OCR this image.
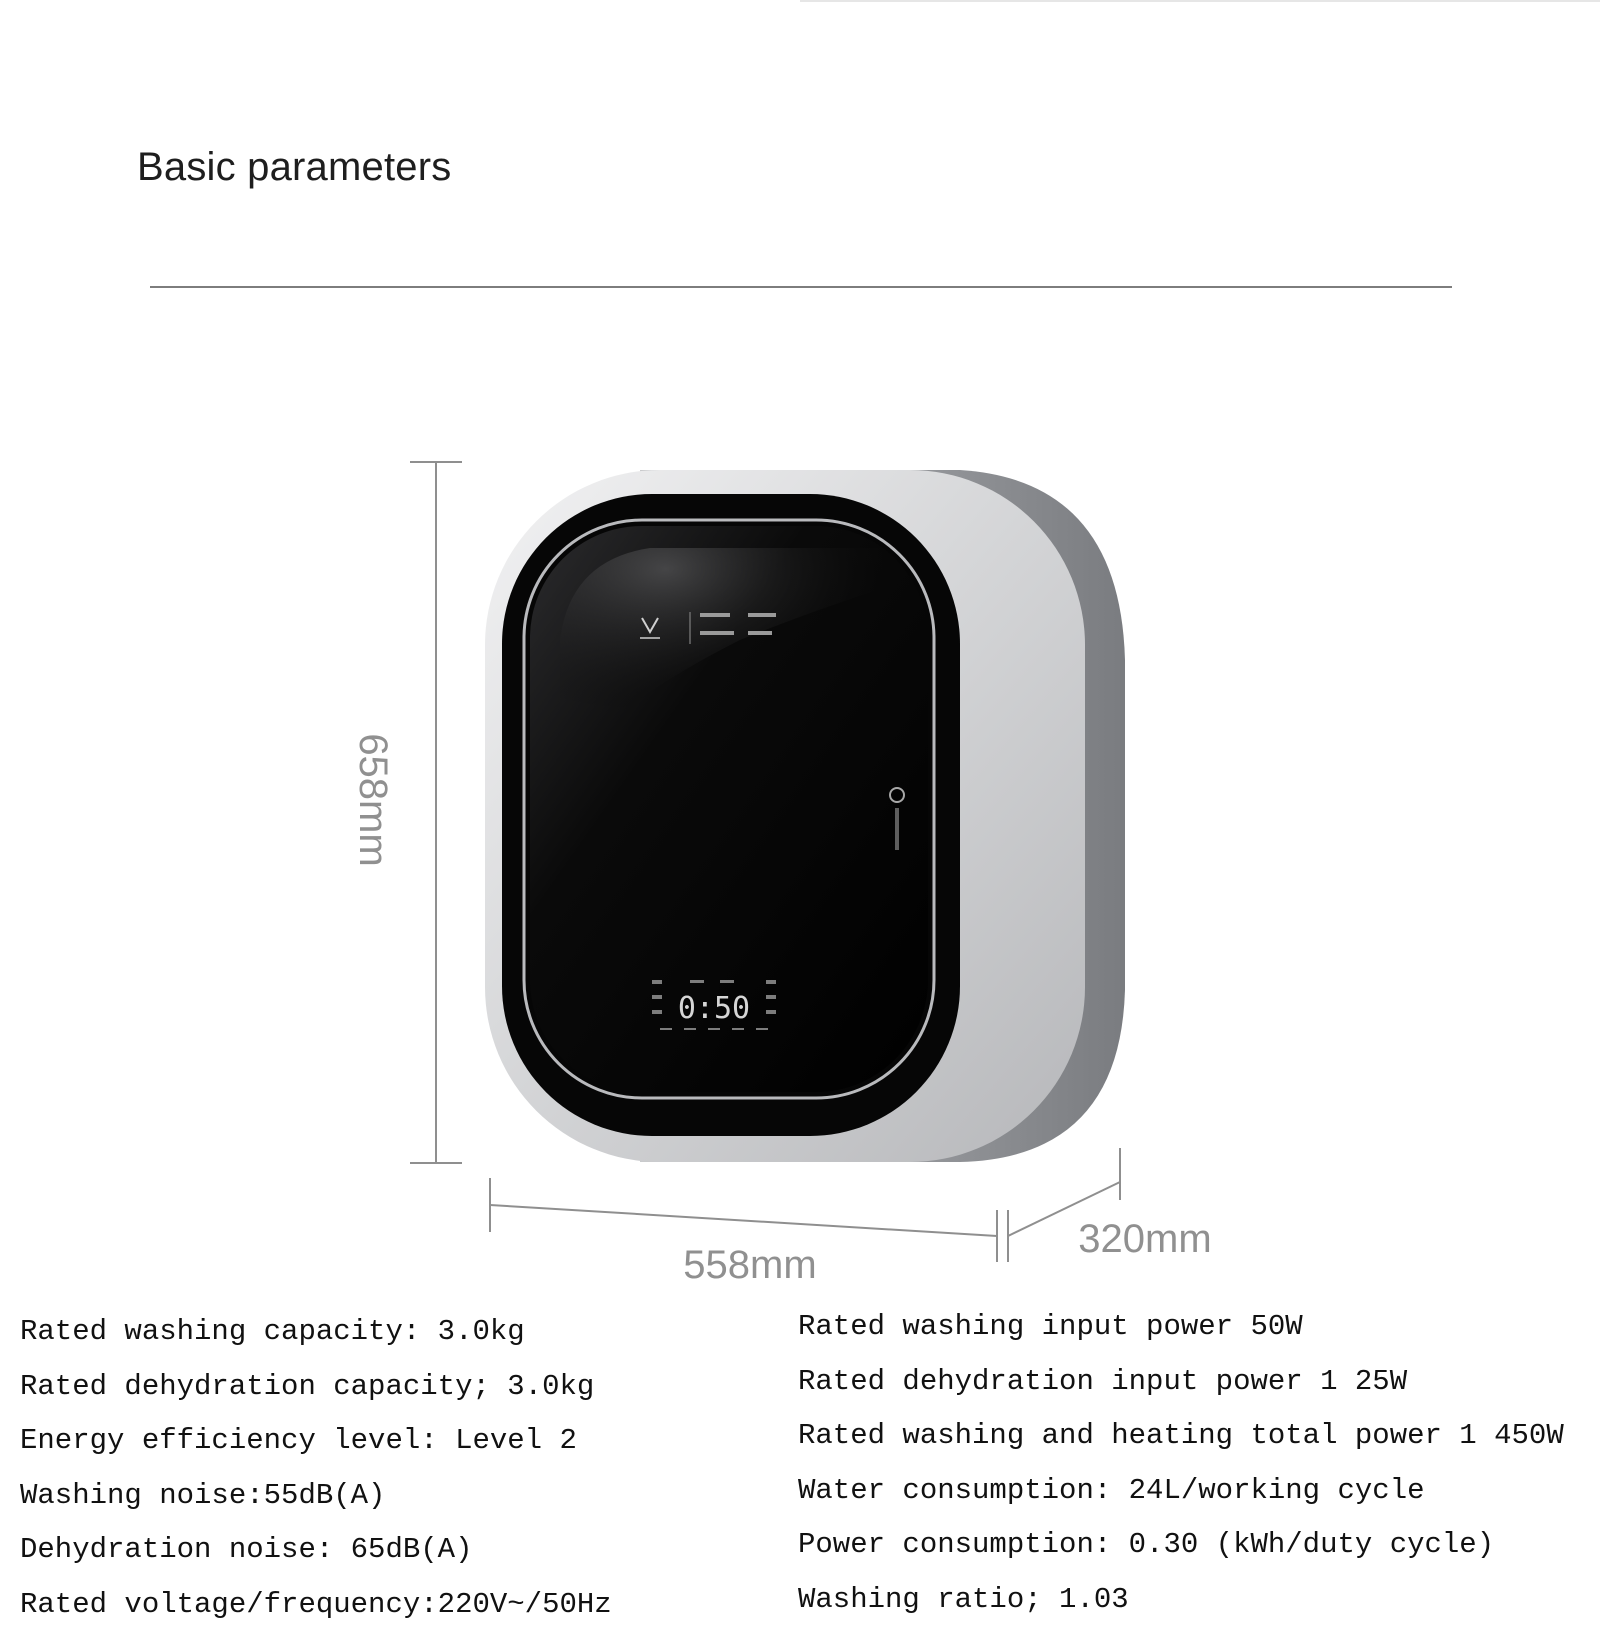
Basic parameters
658mm
558mm
320mm
0:50
Rated washing capacity: 3.0kg
Rated dehydration capacity; 3.0kg
Energy efficiency level: Level 2
Washing noise:55dB(A)
Dehydration noise: 65dB(A)
Rated voltage/frequency:220V~/50Hz
Rated washing input power 50W
Rated dehydration input power 1 25W
Rated washing and heating total power 1 450W
Water consumption: 24L/working cycle
Power consumption: 0.30 (kWh/duty cycle)
Washing ratio; 1.03
